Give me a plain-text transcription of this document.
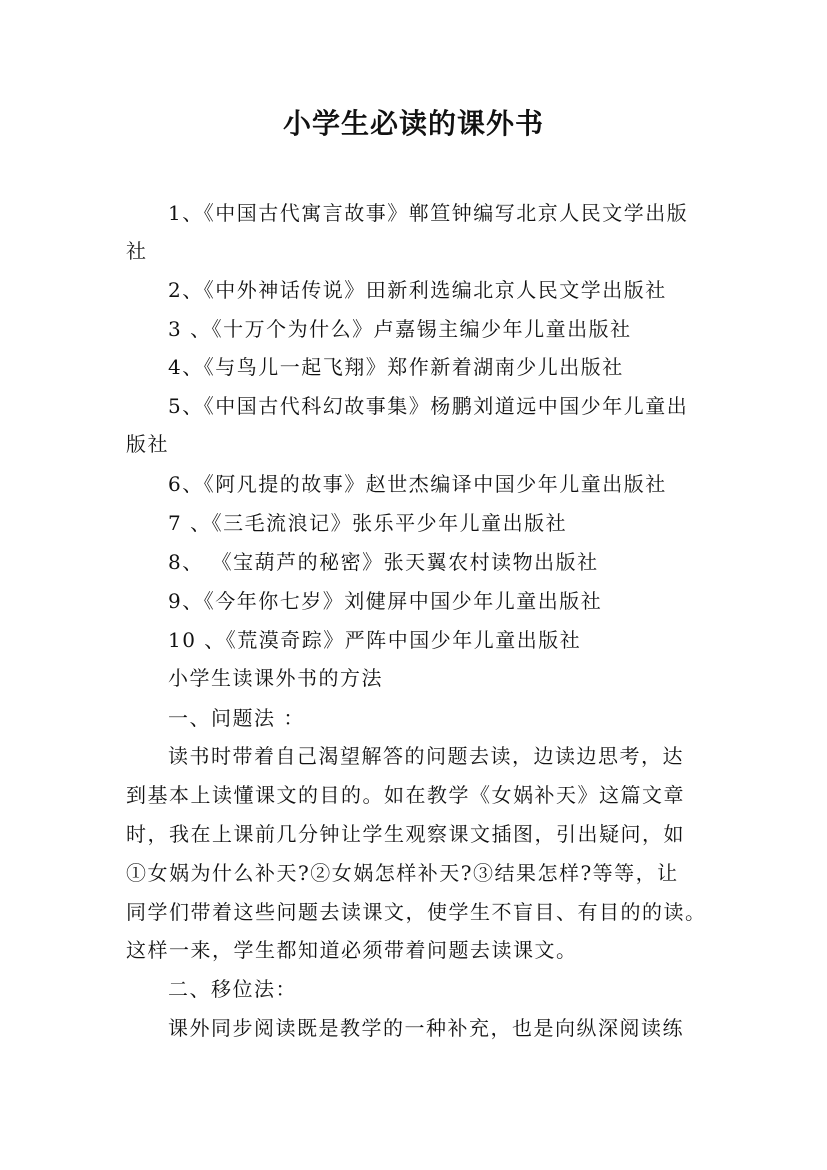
小学生必读的课外书
1、《中国古代寓言故事》郸笪钟编写北京人民文学出版
社
2、《中外神话传说》田新利选编北京人民文学出版社
3 、《十万个为什么》卢嘉锡主编少年儿童出版社
4、《与鸟儿一起飞翔》郑作新着湖南少儿出版社
5、《中国古代科幻故事集》杨鹏刘道远中国少年儿童出
版社
6、《阿凡提的故事》赵世杰编译中国少年儿童出版社
7 、《三毛流浪记》张乐平少年儿童出版社
8、 《宝葫芦的秘密》张天翼农村读物出版社
9、《今年你七岁》刘健屏中国少年儿童出版社
10 、《荒漠奇踪》严阵中国少年儿童出版社
小学生读课外书的方法
一、问题法 ：
读书时带着自己渴望解答的问题去读，边读边思考，达
到基本上读懂课文的目的。如在教学《女娲补天》这篇文章
时，我在上课前几分钟让学生观察课文插图，引出疑问，如
①女娲为什么补天?②女娲怎样补天?③结果怎样?等等，让
同学们带着这些问题去读课文，使学生不盲目、有目的的读。
这样一来，学生都知道必须带着问题去读课文。
二、移位法：
课外同步阅读既是教学的一种补充，也是向纵深阅读练
